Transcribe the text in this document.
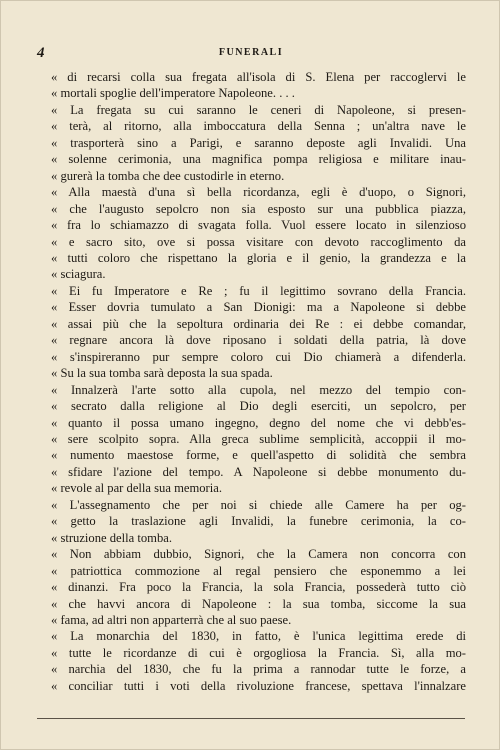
4	FUNERALI
« di recarsi colla sua fregata all'isola di S. Elena per raccoglervi le
« mortali spoglie dell'imperatore Napoleone. . . .
« La fregata su cui saranno le ceneri di Napoleone, si presen-
« terà, al ritorno, alla imboccatura della Senna ; un'altra nave le
« trasporterà sino a Parigi, e saranno deposte agli Invalidi. Una
« solenne cerimonia, una magnifica pompa religiosa e militare inau-
« gurerà la tomba che dee custodirle in eterno.
« Alla maestà d'una sì bella ricordanza, egli è d'uopo, o Signori,
« che l'augusto sepolcro non sia esposto sur una pubblica piazza,
« fra lo schiamazzo di svagata folla. Vuol essere locato in silenzioso
« e sacro sito, ove si possa visitare con devoto raccoglimento da
« tutti coloro che rispettano la gloria e il genio, la grandezza e la
« sciagura.
« Ei fu Imperatore e Re ; fu il legittimo sovrano della Francia.
« Esser dovria tumulato a San Dionigi: ma a Napoleone si debbe
« assai più che la sepoltura ordinaria dei Re : ei debbe comandar,
« regnare ancora là dove riposano i soldati della patria, là dove
« s'inspireranno pur sempre coloro cui Dio chiamerà a difenderla.
« Su la sua tomba sarà deposta la sua spada.
« Innalzerà l'arte sotto alla cupola, nel mezzo del tempio con-
« secrato dalla religione al Dio degli eserciti, un sepolcro, per
« quanto il possa umano ingegno, degno del nome che vi debb'es-
« sere scolpito sopra. Alla greca sublime semplicità, accoppii il mo-
« numento maestose forme, e quell'aspetto di solidità che sembra
« sfidare l'azione del tempo. A Napoleone si debbe monumento du-
« revole al par della sua memoria.
« L'assegnamento che per noi si chiede alle Camere ha per og-
« getto la traslazione agli Invalidi, la funebre cerimonia, la co-
« struzione della tomba.
« Non abbiam dubbio, Signori, che la Camera non concorra con
« patriottica commozione al regal pensiero che esponemmo a lei
« dinanzi. Fra poco la Francia, la sola Francia, possederà tutto ciò
« che havvi ancora di Napoleone : la sua tomba, siccome la sua
« fama, ad altri non apparterrà che al suo paese.
« La monarchia del 1830, in fatto, è l'unica legittima erede di
« tutte le ricordanze di cui è orgogliosa la Francia. Sì, alla mo-
« narchia del 1830, che fu la prima a rannodar tutte le forze, a
« conciliar tutti i voti della rivoluzione francese, spettava l'innalzare
